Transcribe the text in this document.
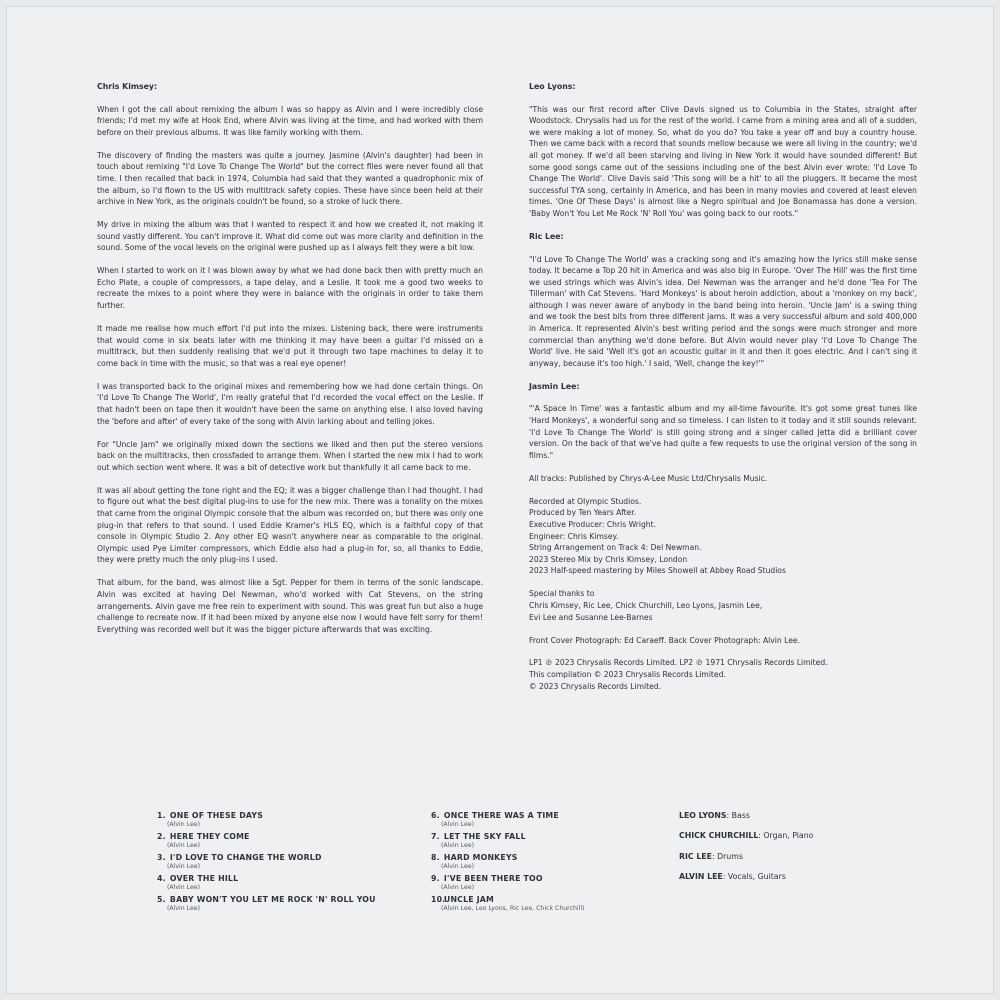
Chris Kimsey:

When I got the call about remixing the album I was so happy as Alvin and I were incredibly close friends; I'd met my wife at Hook End, where Alvin was living at the time, and had worked with them before on their previous albums. It was like family working with them.

The discovery of finding the masters was quite a journey. Jasmine (Alvin's daughter) had been in touch about remixing "I'd Love To Change The World" but the correct files were never found all that time. I then recalled that back in 1974, Columbia had said that they wanted a quadrophonic mix of the album, so I'd flown to the US with multitrack safety copies. These have since been held at their archive in New York, as the originals couldn't be found, so a stroke of luck there.

My drive in mixing the album was that I wanted to respect it and how we created it, not making it sound vastly different. You can't improve it. What did come out was more clarity and definition in the sound. Some of the vocal levels on the original were pushed up as I always felt they were a bit low.

When I started to work on it I was blown away by what we had done back then with pretty much an Echo Plate, a couple of compressors, a tape delay, and a Leslie. It took me a good two weeks to recreate the mixes to a point where they were in balance with the originals in order to take them further.

It made me realise how much effort I'd put into the mixes. Listening back, there were instruments that would come in six beats later with me thinking it may have been a guitar I'd missed on a multitrack, but then suddenly realising that we'd put it through two tape machines to delay it to come back in time with the music, so that was a real eye opener!

I was transported back to the original mixes and remembering how we had done certain things. On 'I'd Love To Change The World', I'm really grateful that I'd recorded the vocal effect on the Leslie. If that hadn't been on tape then it wouldn't have been the same on anything else. I also loved having the 'before and after' of every take of the song with Alvin larking about and telling jokes.

For "Uncle Jam" we originally mixed down the sections we liked and then put the stereo versions back on the multitracks, then crossfaded to arrange them. When I started the new mix I had to work out which section went where. It was a bit of detective work but thankfully it all came back to me.

It was all about getting the tone right and the EQ; it was a bigger challenge than I had thought. I had to figure out what the best digital plug-ins to use for the new mix. There was a tonality on the mixes that came from the original Olympic console that the album was recorded on, but there was only one plug-in that refers to that sound. I used Eddie Kramer's HLS EQ, which is a faithful copy of that console in Olympic Studio 2. Any other EQ wasn't anywhere near as comparable to the original. Olympic used Pye Limiter compressors, which Eddie also had a plug-in for, so, all thanks to Eddie, they were pretty much the only plug-ins I used.

That album, for the band, was almost like a Sgt. Pepper for them in terms of the sonic landscape. Alvin was excited at having Del Newman, who'd worked with Cat Stevens, on the string arrangements. Alvin gave me free rein to experiment with sound. This was great fun but also a huge challenge to recreate now. If it had been mixed by anyone else now I would have felt sorry for them! Everything was recorded well but it was the bigger picture afterwards that was exciting.

Leo Lyons:

"This was our first record after Clive Davis signed us to Columbia in the States, straight after Woodstock. Chrysalis had us for the rest of the world. I came from a mining area and all of a sudden, we were making a lot of money. So, what do you do? You take a year off and buy a country house. Then we came back with a record that sounds mellow because we were all living in the country; we'd all got money. If we'd all been starving and living in New York it would have sounded different! But some good songs came out of the sessions including one of the best Alvin ever wrote: 'I'd Love To Change The World'. Clive Davis said 'This song will be a hit' to all the pluggers. It became the most successful TYA song, certainly in America, and has been in many movies and covered at least eleven times. 'One Of These Days' is almost like a Negro spiritual and Joe Bonamassa has done a version. 'Baby Won't You Let Me Rock 'N' Roll You' was going back to our roots."

Ric Lee:

"I'd Love To Change The World' was a cracking song and it's amazing how the lyrics still make sense today. It became a Top 20 hit in America and was also big in Europe. 'Over The Hill' was the first time we used strings which was Alvin's idea. Del Newman was the arranger and he'd done 'Tea For The Tillerman' with Cat Stevens. 'Hard Monkeys' is about heroin addiction, about a 'monkey on my back', although I was never aware of anybody in the band being into heroin. 'Uncle Jam' is a swing thing and we took the best bits from three different jams. It was a very successful album and sold 400,000 in America. It represented Alvin's best writing period and the songs were much stronger and more commercial than anything we'd done before. But Alvin would never play 'I'd Love To Change The World' live. He said 'Well it's got an acoustic guitar in it and then it goes electric. And I can't sing it anyway, because it's too high.' I said, 'Well, change the key!'"

Jasmin Lee:

"'A Space In Time' was a fantastic album and my all-time favourite. It's got some great tunes like 'Hard Monkeys', a wonderful song and so timeless. I can listen to it today and it still sounds relevant. 'I'd Love To Change The World' is still going strong and a singer called Jetta did a brilliant cover version. On the back of that we've had quite a few requests to use the original version of the song in films."

All tracks: Published by Chrys-A-Lee Music Ltd/Chrysalis Music.
Recorded at Olympic Studios.
Produced by Ten Years After.
Executive Producer: Chris Wright.
Engineer: Chris Kimsey.
String Arrangement on Track 4: Del Newman.
2023 Stereo Mix by Chris Kimsey, London
2023 Half-speed mastering by Miles Showell at Abbey Road Studios
Special thanks to
Chris Kimsey, Ric Lee, Chick Churchill, Leo Lyons, Jasmin Lee,
Evi Lee and Susanne Lee-Barnes
Front Cover Photograph: Ed Caraeff. Back Cover Photograph: Alvin Lee.
LP1 ℗ 2023 Chrysalis Records Limited. LP2 ℗ 1971 Chrysalis Records Limited.
This compilation © 2023 Chrysalis Records Limited.
© 2023 Chrysalis Records Limited.
1. ONE OF THESE DAYS
(Alvin Lee)
2. HERE THEY COME
(Alvin Lee)
3. I'D LOVE TO CHANGE THE WORLD
(Alvin Lee)
4. OVER THE HILL
(Alvin Lee)
5. BABY WON'T YOU LET ME ROCK 'N' ROLL YOU
(Alvin Lee)
6. ONCE THERE WAS A TIME
(Alvin Lee)
7. LET THE SKY FALL
(Alvin Lee)
8. HARD MONKEYS
(Alvin Lee)
9. I'VE BEEN THERE TOO
(Alvin Lee)
10. UNCLE JAM
(Alvin Lee, Leo Lyons, Ric Lee, Chick Churchill)
LEO LYONS: Bass
CHICK CHURCHILL: Organ, Piano
RIC LEE: Drums
ALVIN LEE: Vocals, Guitars
